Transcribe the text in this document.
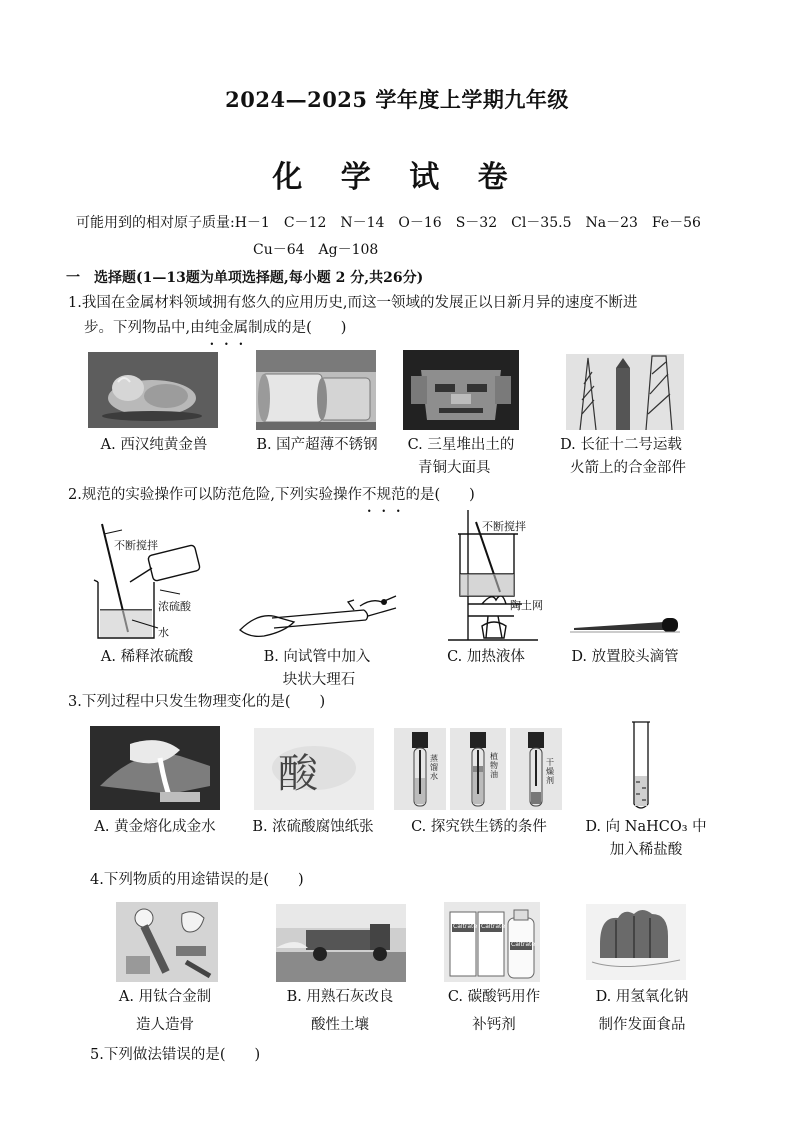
2024—2025 学年度上学期九年级
化 学 试 卷
可能用到的相对原子质量:H－1　C－12　N－14　O－16　S－32　Cl－35.5　Na－23　Fe－56
Cu－64　Ag－108
一　选择题(1—13题为单项选择题,每小题 2 分,共26分)
1.我国在金属材料领域拥有悠久的应用历史,而这一领域的发展正以日新月异的速度不断进
步。下列物品中,由纯金属制成的是(　　)
A. 西汉纯黄金兽	B. 国产超薄不锈钢	C. 三星堆出土的
青铜大面具
D. 长征十二号运载
火箭上的合金部件
2.规范的实验操作可以防范危险,下列实验操作不规范的是(　　)
不断搅拌
浓硫酸
水
不断搅拌
陶土网
A. 稀释浓硫酸	B. 向试管中加入
块状大理石
C. 加热液体	D. 放置胶头滴管
3.下列过程中只发生物理变化的是(　　)
酸	蒸馏水
植物油
干燥剂
A. 黄金熔化成金水	B. 浓硫酸腐蚀纸张	C. 探究铁生锈的条件	D. 向 NaHCO₃ 中
加入稀盐酸
4.下列物质的用途错误的是(　　)
Caltrate Caltrate
Caltrate
A. 用钛合金制
造人造骨
B. 用熟石灰改良
酸性土壤
C. 碳酸钙用作
补钙剂
D. 用氢氧化钠
制作发面食品
5.下列做法错误的是(　　)
